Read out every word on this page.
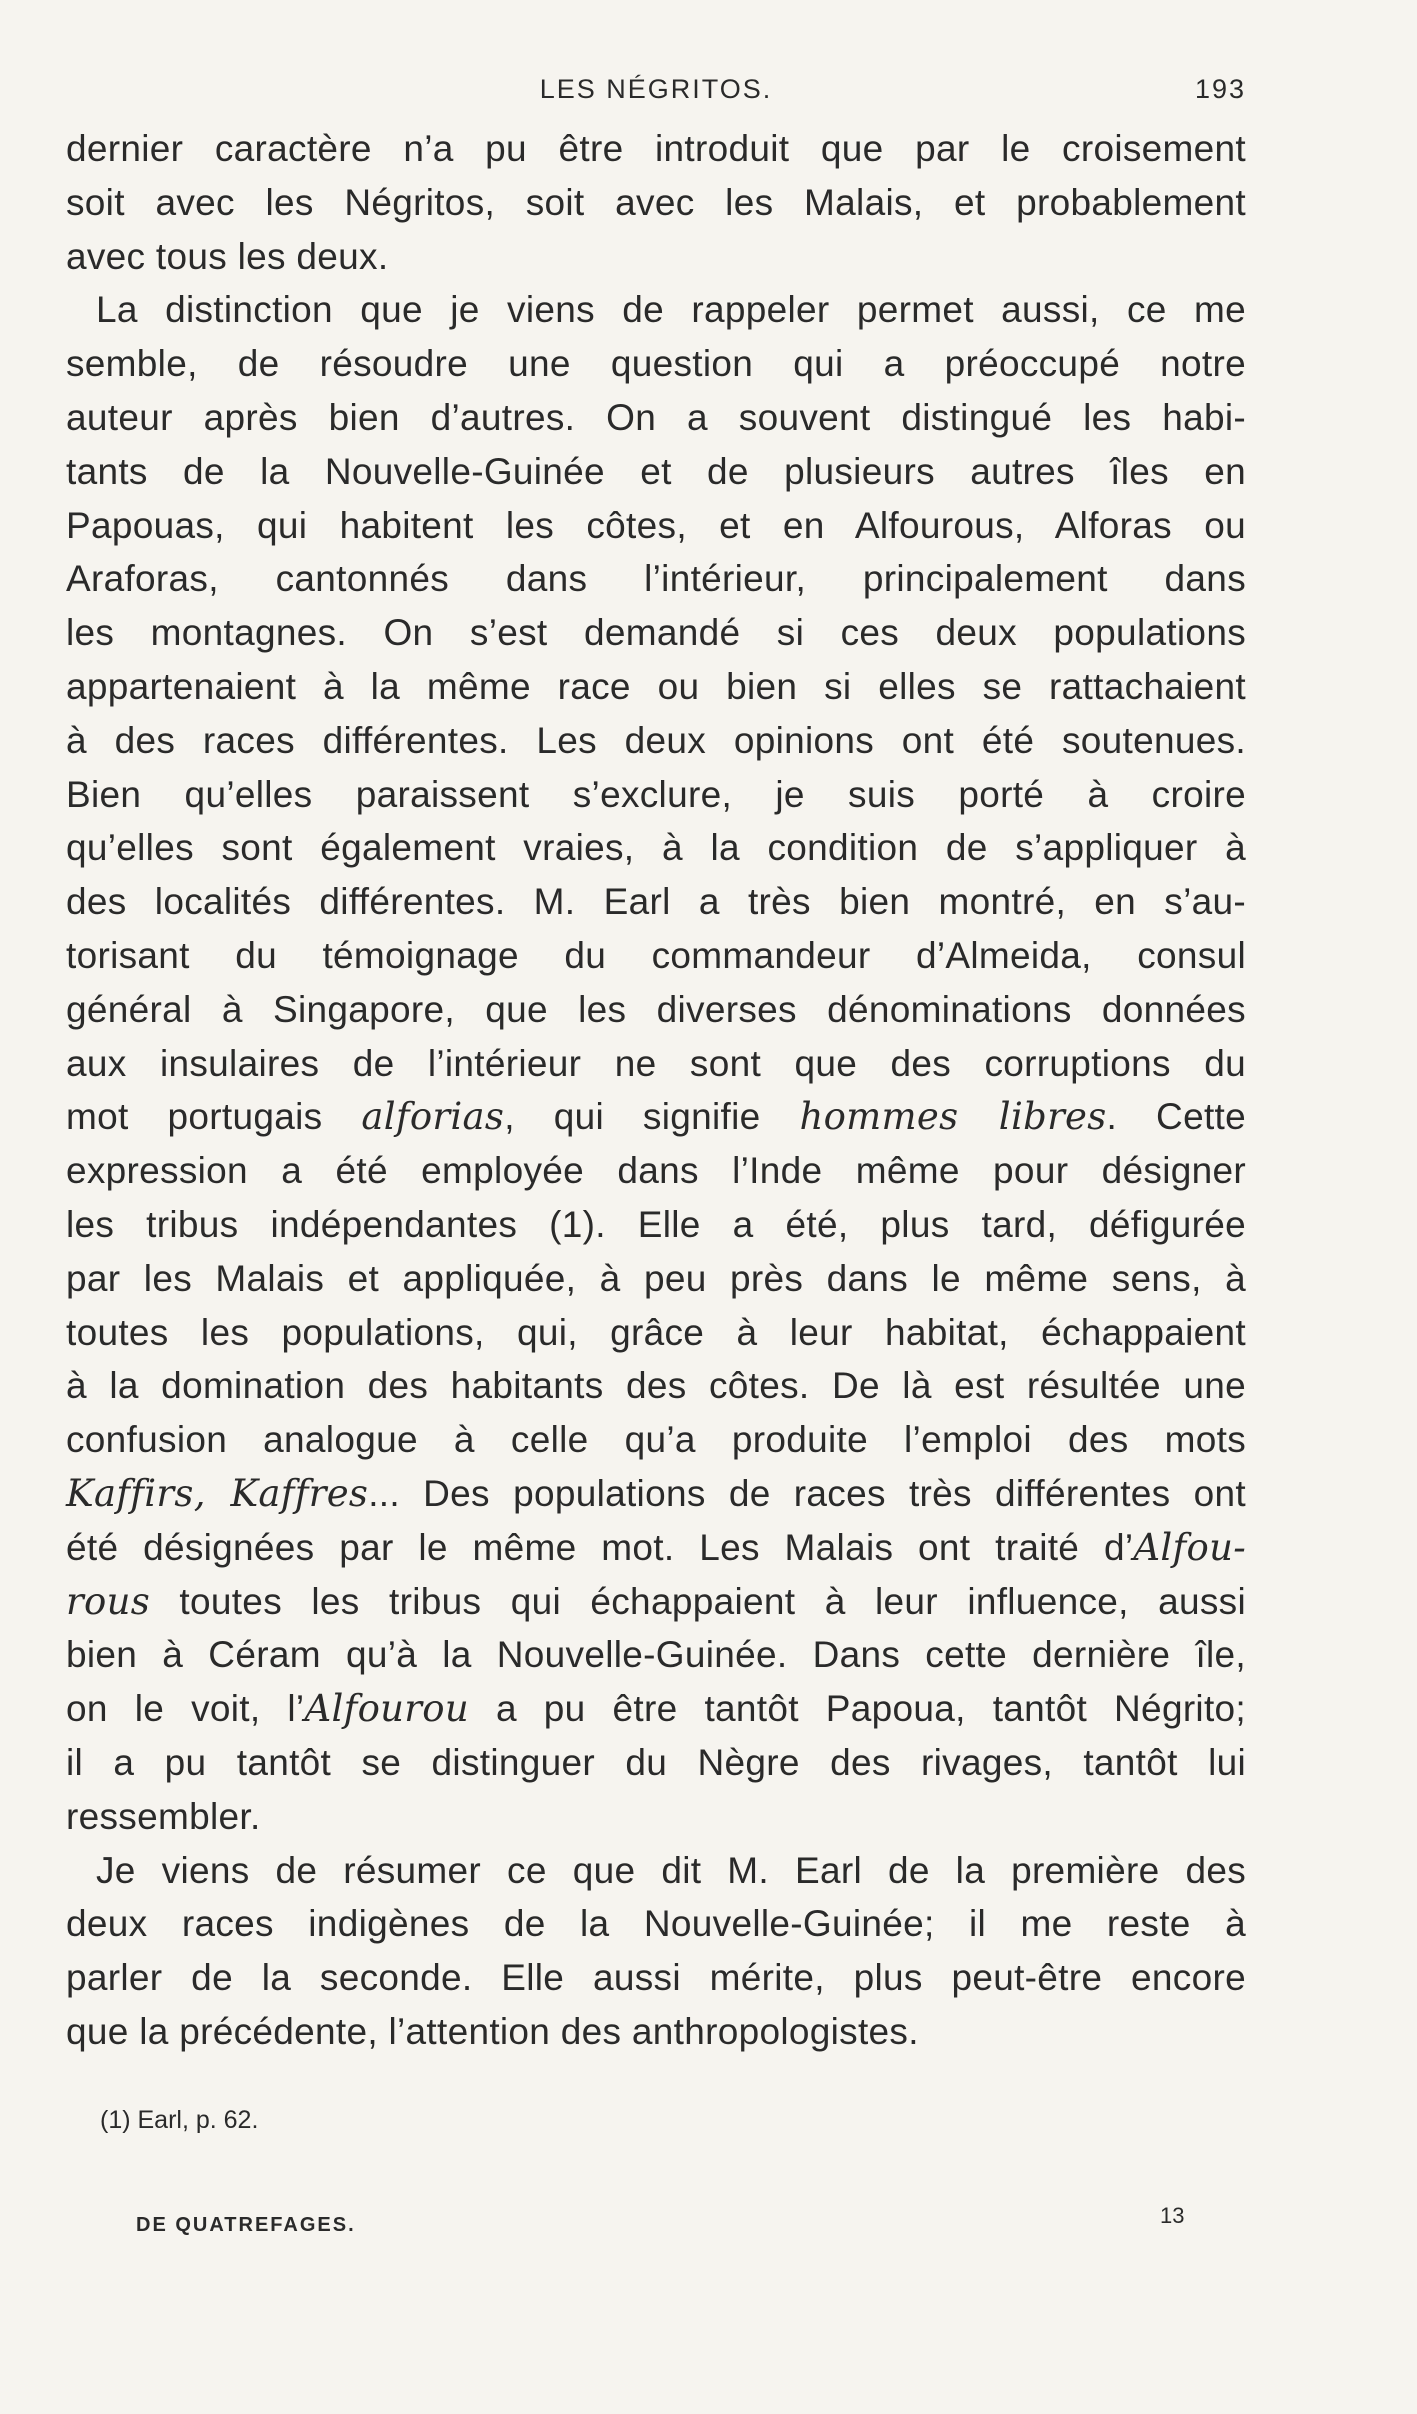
LES NÉGRITOS.	193
dernier caractère n’a pu être introduit que par le croisement
soit avec les Négritos, soit avec les Malais, et probablement
avec tous les deux.
La distinction que je viens de rappeler permet aussi, ce me
semble, de résoudre une question qui a préoccupé notre
auteur après bien d’autres. On a souvent distingué les habi-
tants de la Nouvelle-Guinée et de plusieurs autres îles en
Papouas, qui habitent les côtes, et en Alfourous, Alforas ou
Araforas, cantonnés dans l’intérieur, principalement dans
les montagnes. On s’est demandé si ces deux populations
appartenaient à la même race ou bien si elles se rattachaient
à des races différentes. Les deux opinions ont été soutenues.
Bien qu’elles paraissent s’exclure, je suis porté à croire
qu’elles sont également vraies, à la condition de s’appliquer à
des localités différentes. M. Earl a très bien montré, en s’au-
torisant du témoignage du commandeur d’Almeida, consul
général à Singapore, que les diverses dénominations données
aux insulaires de l’intérieur ne sont que des corruptions du
mot portugais alforias, qui signifie hommes libres. Cette
expression a été employée dans l’Inde même pour désigner
les tribus indépendantes (1). Elle a été, plus tard, défigurée
par les Malais et appliquée, à peu près dans le même sens, à
toutes les populations, qui, grâce à leur habitat, échappaient
à la domination des habitants des côtes. De là est résultée une
confusion analogue à celle qu’a produite l’emploi des mots
Kaffirs, Kaffres... Des populations de races très différentes ont
été désignées par le même mot. Les Malais ont traité d’Alfou-
rous toutes les tribus qui échappaient à leur influence, aussi
bien à Céram qu’à la Nouvelle-Guinée. Dans cette dernière île,
on le voit, l’Alfourou a pu être tantôt Papoua, tantôt Négrito;
il a pu tantôt se distinguer du Nègre des rivages, tantôt lui
ressembler.
Je viens de résumer ce que dit M. Earl de la première des
deux races indigènes de la Nouvelle-Guinée; il me reste à
parler de la seconde. Elle aussi mérite, plus peut-être encore
que la précédente, l’attention des anthropologistes.
(1) Earl, p. 62.
DE QUATREFAGES.	13
